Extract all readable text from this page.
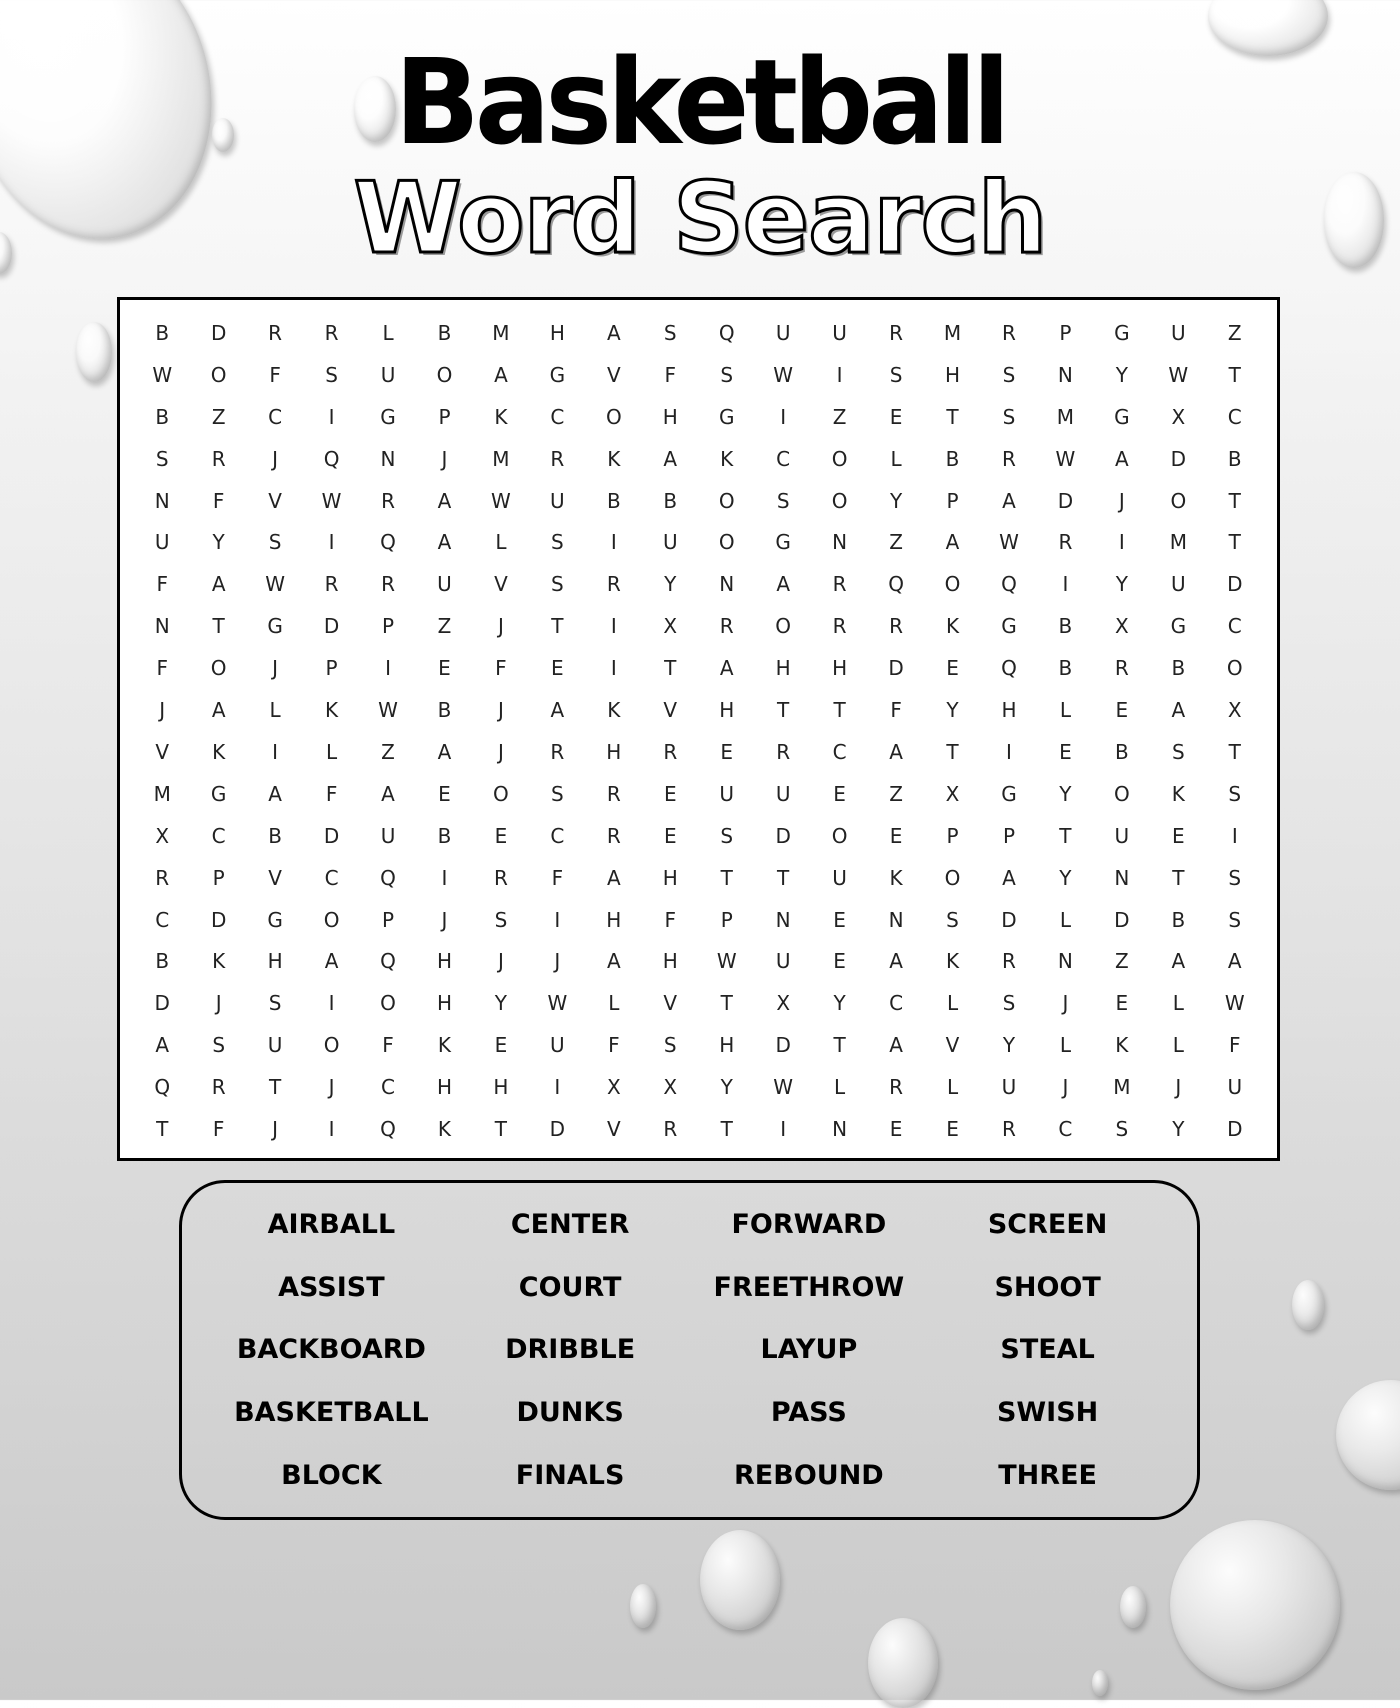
Basketball
Word Search
B	D	R	R	L	B	M	H	A	S	Q	U	U	R	M	R	P	G	U	Z
W	O	F	S	U	O	A	G	V	F	S	W	I	S	H	S	N	Y	W	T
B	Z	C	I	G	P	K	C	O	H	G	I	Z	E	T	S	M	G	X	C
S	R	J	Q	N	J	M	R	K	A	K	C	O	L	B	R	W	A	D	B
N	F	V	W	R	A	W	U	B	B	O	S	O	Y	P	A	D	J	O	T
U	Y	S	I	Q	A	L	S	I	U	O	G	N	Z	A	W	R	I	M	T
F	A	W	R	R	U	V	S	R	Y	N	A	R	Q	O	Q	I	Y	U	D
N	T	G	D	P	Z	J	T	I	X	R	O	R	R	K	G	B	X	G	C
F	O	J	P	I	E	F	E	I	T	A	H	H	D	E	Q	B	R	B	O
J	A	L	K	W	B	J	A	K	V	H	T	T	F	Y	H	L	E	A	X
V	K	I	L	Z	A	J	R	H	R	E	R	C	A	T	I	E	B	S	T
M	G	A	F	A	E	O	S	R	E	U	U	E	Z	X	G	Y	O	K	S
X	C	B	D	U	B	E	C	R	E	S	D	O	E	P	P	T	U	E	I
R	P	V	C	Q	I	R	F	A	H	T	T	U	K	O	A	Y	N	T	S
C	D	G	O	P	J	S	I	H	F	P	N	E	N	S	D	L	D	B	S
B	K	H	A	Q	H	J	J	A	H	W	U	E	A	K	R	N	Z	A	A
D	J	S	I	O	H	Y	W	L	V	T	X	Y	C	L	S	J	E	L	W
A	S	U	O	F	K	E	U	F	S	H	D	T	A	V	Y	L	K	L	F
Q	R	T	J	C	H	H	I	X	X	Y	W	L	R	L	U	J	M	J	U
T	F	J	I	Q	K	T	D	V	R	T	I	N	E	E	R	C	S	Y	D
AIRBALL	CENTER	FORWARD	SCREEN
ASSIST	COURT	FREETHROW	SHOOT
BACKBOARD	DRIBBLE	LAYUP	STEAL
BASKETBALL	DUNKS	PASS	SWISH
BLOCK	FINALS	REBOUND	THREE
